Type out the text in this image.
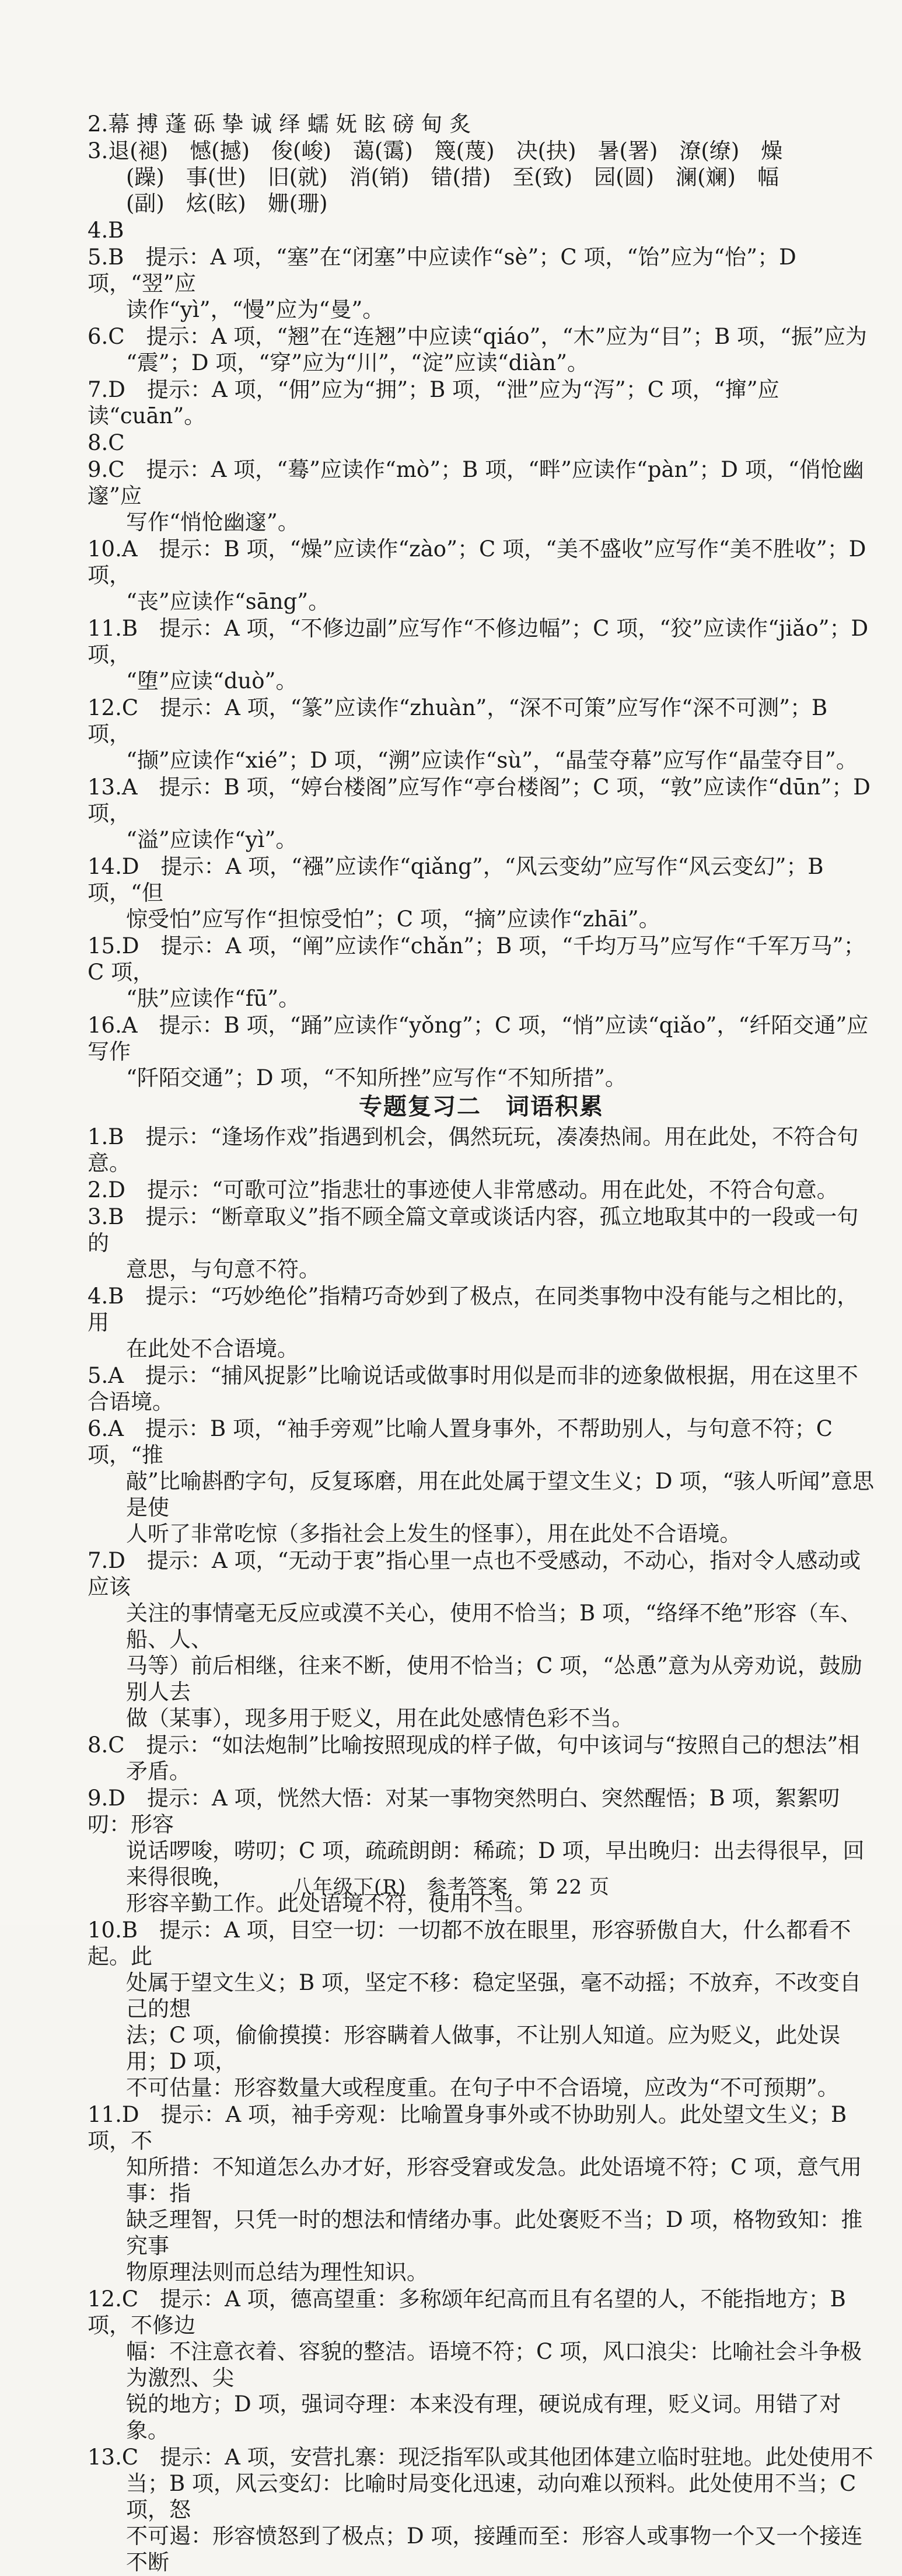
2.幕 搏 蓬 砾 挚 诚 绎 蠕 妩 眩 磅 甸 炙

3.退(褪)　憾(撼)　俊(峻)　蔼(霭)　篾(蔑)　决(抉)　暑(署)　潦(缭)　燥

(躁)　事(世)　旧(就)　消(销)　错(措)　至(致)　园(圆)　澜(斓)　幅

(副)　炫(眩)　姗(珊)

4.B

5.B　提示：A 项，“塞”在“闭塞”中应读作“sè”；C 项，“饴”应为“怡”；D 项，“翌”应

读作“yì”，“慢”应为“曼”。

6.C　提示：A 项，“翘”在“连翘”中应读“qiáo”，“木”应为“目”；B 项，“振”应为

“震”；D 项，“穿”应为“川”，“淀”应读“diàn”。

7.D　提示：A 项，“佣”应为“拥”；B 项，“泄”应为“泻”；C 项，“撺”应读“cuān”。

8.C

9.C　提示：A 项，“蓦”应读作“mò”；B 项，“畔”应读作“pàn”；D 项，“俏怆幽邃”应

写作“悄怆幽邃”。

10.A　提示：B 项，“燥”应读作“zào”；C 项，“美不盛收”应写作“美不胜收”；D 项，

“丧”应读作“sāng”。

11.B　提示：A 项，“不修边副”应写作“不修边幅”；C 项，“狡”应读作“jiǎo”；D 项，

“堕”应读“duò”。

12.C　提示：A 项，“篆”应读作“zhuàn”，“深不可策”应写作“深不可测”；B 项，

“撷”应读作“xié”；D 项，“溯”应读作“sù”，“晶莹夺幕”应写作“晶莹夺目”。

13.A　提示：B 项，“婷台楼阁”应写作“亭台楼阁”；C 项，“敦”应读作“dūn”；D 项，

“溢”应读作“yì”。

14.D　提示：A 项，“襁”应读作“qiǎng”，“风云变幼”应写作“风云变幻”；B 项，“但

惊受怕”应写作“担惊受怕”；C 项，“摘”应读作“zhāi”。

15.D　提示：A 项，“阐”应读作“chǎn”；B 项，“千均万马”应写作“千军万马”；C 项，

“肤”应读作“fū”。

16.A　提示：B 项，“踊”应读作“yǒng”；C 项，“悄”应读“qiǎo”，“纤陌交通”应写作

“阡陌交通”；D 项，“不知所挫”应写作“不知所措”。

专题复习二　词语积累

1.B　提示：“逢场作戏”指遇到机会，偶然玩玩，凑凑热闹。用在此处，不符合句意。

2.D　提示：“可歌可泣”指悲壮的事迹使人非常感动。用在此处，不符合句意。

3.B　提示：“断章取义”指不顾全篇文章或谈话内容，孤立地取其中的一段或一句的

意思，与句意不符。

4.B　提示：“巧妙绝伦”指精巧奇妙到了极点，在同类事物中没有能与之相比的，用

在此处不合语境。

5.A　提示：“捕风捉影”比喻说话或做事时用似是而非的迹象做根据，用在这里不合语境。

6.A　提示：B 项，“袖手旁观”比喻人置身事外，不帮助别人，与句意不符；C 项，“推

敲”比喻斟酌字句，反复琢磨，用在此处属于望文生义；D 项，“骇人听闻”意思是使

人听了非常吃惊（多指社会上发生的怪事），用在此处不合语境。

7.D　提示：A 项，“无动于衷”指心里一点也不受感动，不动心，指对令人感动或应该

关注的事情毫无反应或漠不关心，使用不恰当；B 项，“络绎不绝”形容（车、船、人、

马等）前后相继，往来不断，使用不恰当；C 项，“怂恿”意为从旁劝说，鼓励别人去

做（某事），现多用于贬义，用在此处感情色彩不当。

8.C　提示：“如法炮制”比喻按照现成的样子做，句中该词与“按照自己的想法”相

矛盾。

9.D　提示：A 项，恍然大悟：对某一事物突然明白、突然醒悟；B 项，絮絮叨叨：形容

说话啰唆，唠叨；C 项，疏疏朗朗：稀疏；D 项，早出晚归：出去得很早，回来得很晚，

形容辛勤工作。此处语境不符，使用不当。

10.B　提示：A 项，目空一切：一切都不放在眼里，形容骄傲自大，什么都看不起。此

处属于望文生义；B 项，坚定不移：稳定坚强，毫不动摇；不放弃，不改变自己的想

法；C 项，偷偷摸摸：形容瞒着人做事，不让别人知道。应为贬义，此处误用；D 项，

不可估量：形容数量大或程度重。在句子中不合语境，应改为“不可预期”。

11.D　提示：A 项，袖手旁观：比喻置身事外或不协助别人。此处望文生义；B 项，不

知所措：不知道怎么办才好，形容受窘或发急。此处语境不符；C 项，意气用事：指

缺乏理智，只凭一时的想法和情绪办事。此处褒贬不当；D 项，格物致知：推究事

物原理法则而总结为理性知识。

12.C　提示：A 项，德高望重：多称颂年纪高而且有名望的人，不能指地方；B 项，不修边

幅：不注意衣着、容貌的整洁。语境不符；C 项，风口浪尖：比喻社会斗争极为激烈、尖

锐的地方；D 项，强词夺理：本来没有理，硬说成有理，贬义词。用错了对象。

13.C　提示：A 项，安营扎寨：现泛指军队或其他团体建立临时驻地。此处使用不

当；B 项，风云变幻：比喻时局变化迅速，动向难以预料。此处使用不当；C 项，怒

不可遏：形容愤怒到了极点；D 项，接踵而至：形容人或事物一个又一个接连不断

八年级下(R)　参考答案　第 22 页
